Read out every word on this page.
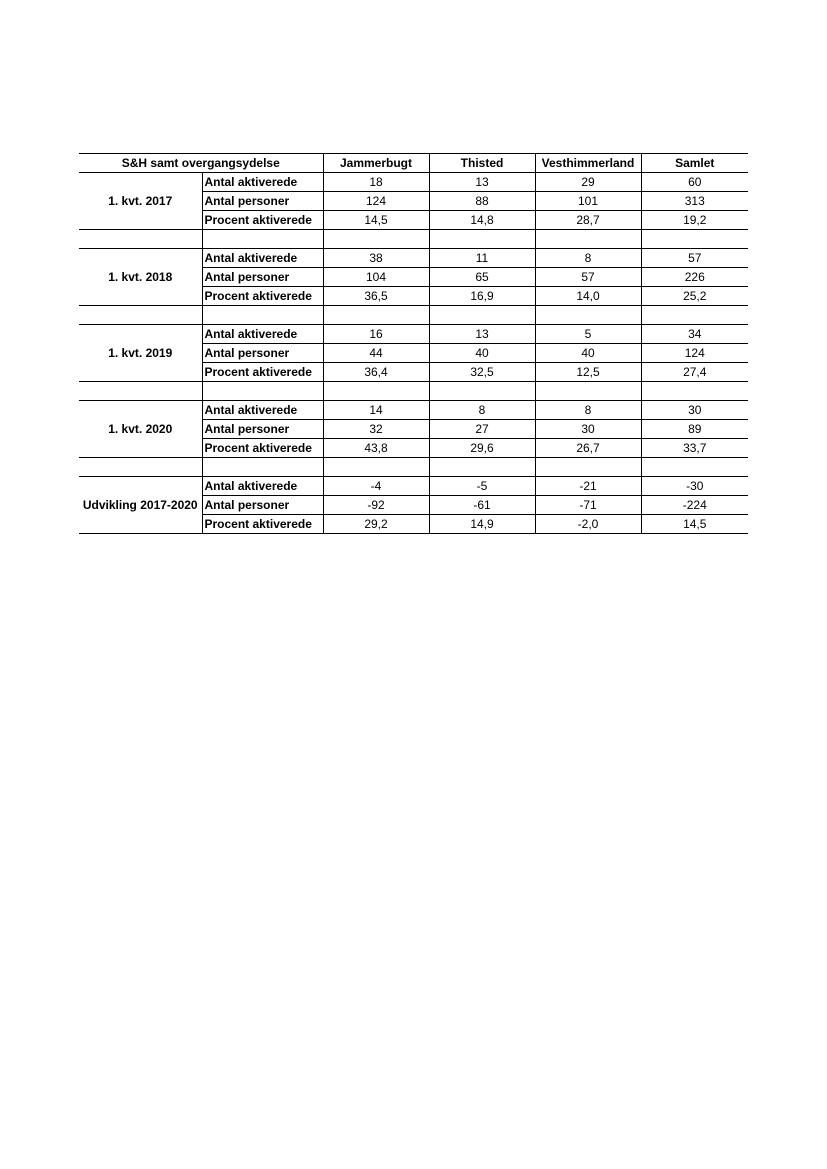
S&H samt overgangsydelse		Jammerbugt	Thisted	Vesthimmerland	Samlet
1. kvt. 2017	Antal aktiverede	18	13	29	60
	Antal personer	124	88	101	313
	Procent aktiverede	14,5	14,8	28,7	19,2

1. kvt. 2018	Antal aktiverede	38	11	8	57
	Antal personer	104	65	57	226
	Procent aktiverede	36,5	16,9	14,0	25,2

1. kvt. 2019	Antal aktiverede	16	13	5	34
	Antal personer	44	40	40	124
	Procent aktiverede	36,4	32,5	12,5	27,4

1. kvt. 2020	Antal aktiverede	14	8	8	30
	Antal personer	32	27	30	89
	Procent aktiverede	43,8	29,6	26,7	33,7

Udvikling 2017-2020	Antal aktiverede	-4	-5	-21	-30
	Antal personer	-92	-61	-71	-224
	Procent aktiverede	29,2	14,9	-2,0	14,5
